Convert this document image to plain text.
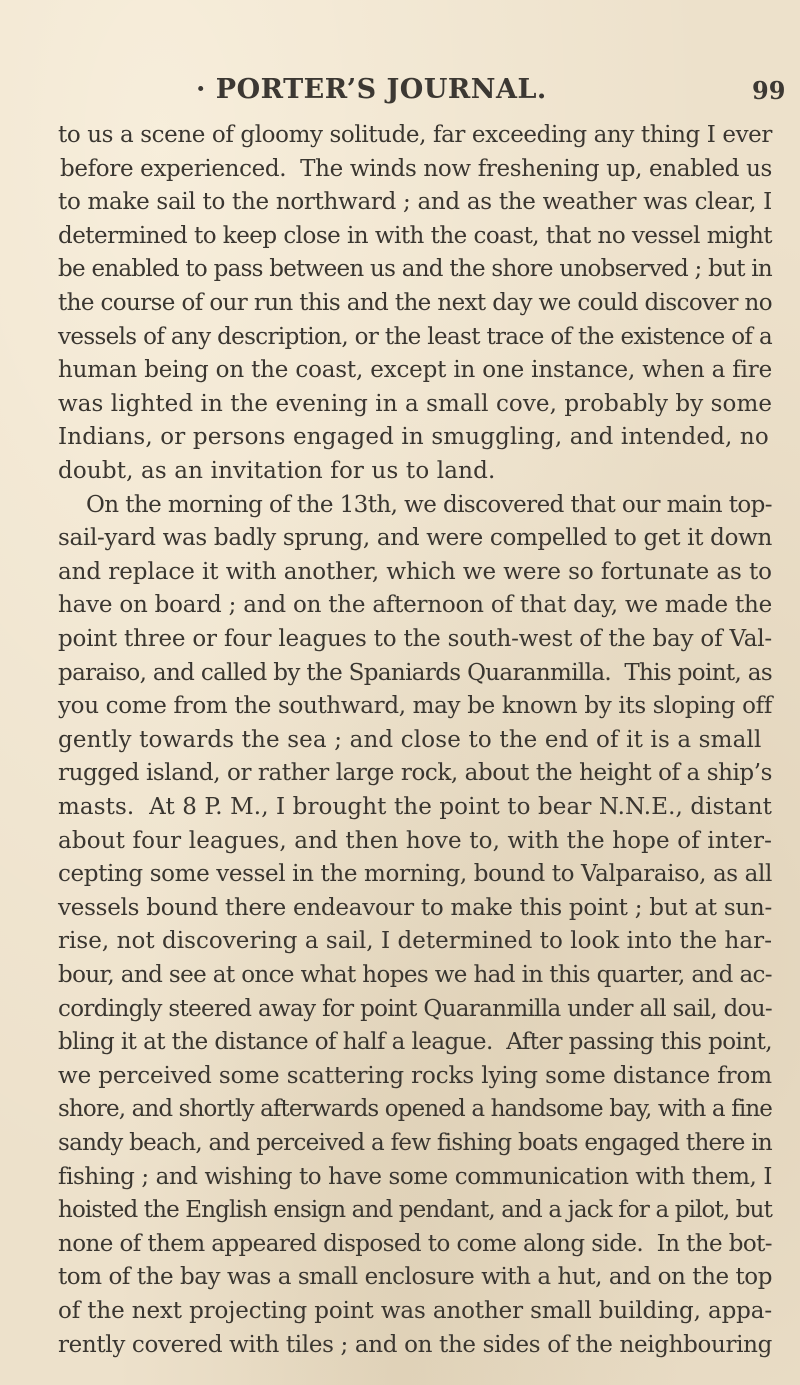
· PORTER’S JOURNAL.	99
to us a scene of gloomy solitude, far exceeding any thing I ever
before experienced.  The winds now freshening up, enabled us
to make sail to the northward ; and as the weather was clear, I
determined to keep close in with the coast, that no vessel might
be enabled to pass between us and the shore unobserved ; but in
the course of our run this and the next day we could discover no
vessels of any description, or the least trace of the existence of a
human being on the coast, except in one instance, when a fire
was lighted in the evening in a small cove, probably by some
Indians, or persons engaged in smuggling, and intended, no
doubt, as an invitation for us to land.
On the morning of the 13th, we discovered that our main top-
sail-yard was badly sprung, and were compelled to get it down
and replace it with another, which we were so fortunate as to
have on board ; and on the afternoon of that day, we made the
point three or four leagues to the south-west of the bay of Val-
paraiso, and called by the Spaniards Quaranmilla.  This point, as
you come from the southward, may be known by its sloping off
gently towards the sea ; and close to the end of it is a small
rugged island, or rather large rock, about the height of a ship’s
masts.  At 8 P. M., I brought the point to bear N.N.E., distant
about four leagues, and then hove to, with the hope of inter-
cepting some vessel in the morning, bound to Valparaiso, as all
vessels bound there endeavour to make this point ; but at sun-
rise, not discovering a sail, I determined to look into the har-
bour, and see at once what hopes we had in this quarter, and ac-
cordingly steered away for point Quaranmilla under all sail, dou-
bling it at the distance of half a league.  After passing this point,
we perceived some scattering rocks lying some distance from
shore, and shortly afterwards opened a handsome bay, with a fine
sandy beach, and perceived a few fishing boats engaged there in
fishing ; and wishing to have some communication with them, I
hoisted the English ensign and pendant, and a jack for a pilot, but
none of them appeared disposed to come along side.  In the bot-
tom of the bay was a small enclosure with a hut, and on the top
of the next projecting point was another small building, appa-
rently covered with tiles ; and on the sides of the neighbouring
